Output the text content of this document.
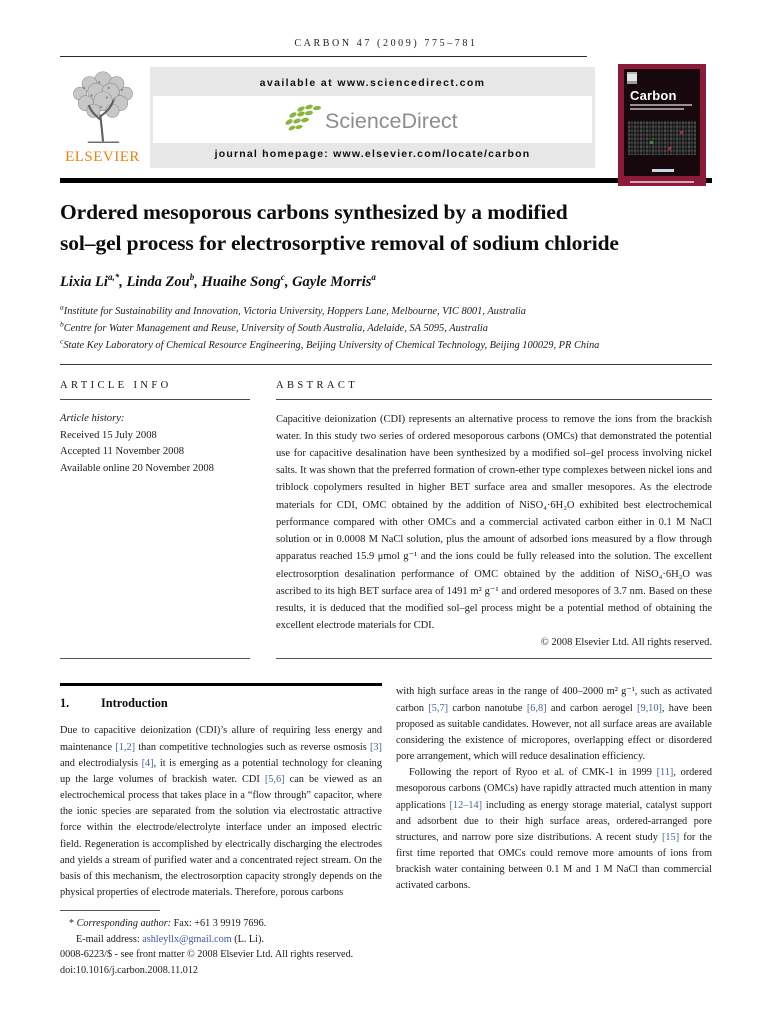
CARBON 47 (2009) 775–781
ELSEVIER
available at www.sciencedirect.com
ScienceDirect
journal homepage: www.elsevier.com/locate/carbon
Ordered mesoporous carbons synthesized by a modified
sol–gel process for electrosorptive removal of sodium chloride
Lixia $Li^{a,*}$, Linda Zou$^b$, Huaihe Song$^c$, Gayle Morris$^a$
$^a$Institute for Sustainability and Innovation, Victoria University, Hoppers Lane, Melbourne, VIC 8001, Australia
$^b$Centre for Water Management and Reuse, University of South Australia, Adelaide, SA 5095, Australia
$^c$State Key Laboratory of Chemical Resource Engineering, Beijing University of Chemical Technology, Beijing 100029, PR China
ARTICLE INFO
Article history:
Received 15 July 2008
Accepted 11 November 2008
Available online 20 November 2008
ABSTRACT
Capacitive deionization (CDI) represents an alternative process to remove the ions from the brackish water. In this study two series of ordered mesoporous carbons (OMCs) that demonstrated the potential use for capacitive desalination have been synthesized by a modified sol–gel process involving nickel salts. It was shown that the preferred formation of crown-ether type complexes between nickel ions and triblock copolymers resulted in higher BET surface area and smaller mesopores. As the electrode materials for CDI, OMC obtained by the addition of NiSO₄·6H₂O exhibited best electrochemical performance compared with other OMCs and a commercial activated carbon either in 0.1 M NaCl solution or in 0.0008 M NaCl solution, plus the amount of adsorbed ions measured by a flow through apparatus reached 15.9 μmol g⁻¹ and the ions could be fully released into the solution. The excellent electrosorption desalination performance of OMC obtained by the addition of NiSO₄·6H₂O was ascribed to its high BET surface area of 1491 m² g⁻¹ and ordered mesopores of 3.7 nm. Based on these results, it is deduced that the modified sol–gel process might be a potential method of obtaining the excellent electrode materials for CDI.
© 2008 Elsevier Ltd. All rights reserved.
1.	Introduction
Due to capacitive deionization (CDI)’s allure of requiring less energy and maintenance [1,2] than competitive technologies such as reverse osmosis [3] and electrodialysis [4], it is emerging as a potential technology for cleaning up the large volumes of brackish water. CDI [5,6] can be viewed as an electrochemical process that takes place in a “flow through” capacitor, where the ionic species are separated from the solution via electrostatic attractive force within the electrode/electrolyte interface under an imposed electric field. Regeneration is accomplished by electrically discharging the electrodes and yields a stream of purified water and a concentrated reject stream. On the basis of this mechanism, the electrosorption capacity strongly depends on the physical properties of electrode materials. Therefore, porous carbons
* Corresponding author: Fax: +61 3 9919 7696.
E-mail address: ashleyllx@gmail.com (L. Li).
0008-6223/$ - see front matter © 2008 Elsevier Ltd. All rights reserved.
doi:10.1016/j.carbon.2008.11.012
with high surface areas in the range of 400–2000 m² g⁻¹, such as activated carbon [5,7] carbon nanotube [6,8] and carbon aerogel [9,10], have been proposed as suitable candidates. However, not all surface areas are available considering the existence of micropores, overlapping effect or disordered pore arrangement, which will reduce desalination efficiency.
Following the report of Ryoo et al. of CMK-1 in 1999 [11], ordered mesoporous carbons (OMCs) have rapidly attracted much attention in many applications [12–14] including as energy storage material, catalyst support and adsorbent due to their high surface areas, ordered-arranged pore structures, and narrow pore size distributions. A recent study [15] for the first time reported that OMCs could remove more amounts of ions from brackish water containing between 0.1 M and 1 M NaCl than commercial activated carbons.
Carbon
